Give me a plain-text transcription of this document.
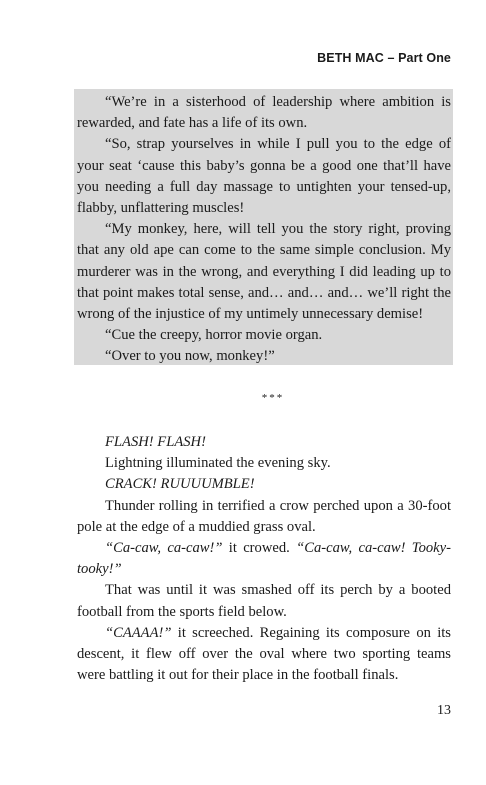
BETH MAC – Part One

“We’re in a sisterhood of leadership where ambition is rewarded, and fate has a life of its own.

“So, strap yourselves in while I pull you to the edge of your seat ‘cause this baby’s gonna be a good one that’ll have you needing a full day massage to untighten your tensed-up, flabby, unflattering muscles!

“My monkey, here, will tell you the story right, proving that any old ape can come to the same simple conclusion. My murderer was in the wrong, and everything I did leading up to that point makes total sense, and… and… and… we’ll right the wrong of the injustice of my untimely unnecessary demise!

“Cue the creepy, horror movie organ.

“Over to you now, monkey!”

***

FLASH! FLASH!

Lightning illuminated the evening sky.

CRACK! RUUUUMBLE!

Thunder rolling in terrified a crow perched upon a 30-foot pole at the edge of a muddied grass oval.

“Ca-caw, ca-caw!” it crowed. “Ca-caw, ca-caw! Tooky-tooky!”

That was until it was smashed off its perch by a booted football from the sports field below.

“CAAAA!” it screeched. Regaining its composure on its descent, it flew off over the oval where two sporting teams were battling it out for their place in the football finals.

13
